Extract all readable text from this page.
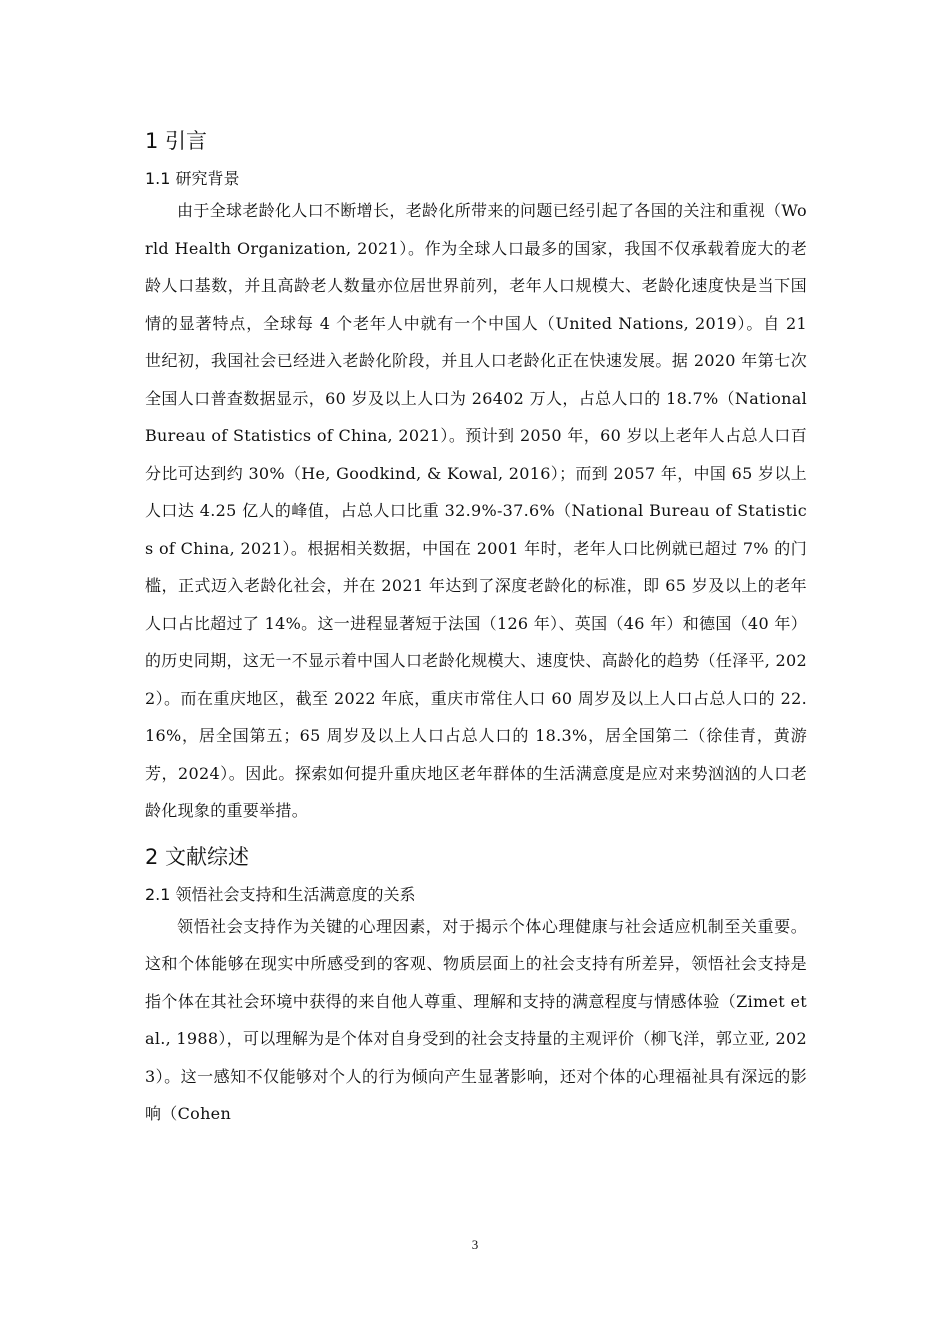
1 引言
1.1 研究背景

由于全球老龄化人口不断增长，老龄化所带来的问题已经引起了各国的关注和重视（World Health Organization, 2021）。作为全球人口最多的国家，我国不仅承载着庞大的老龄人口基数，并且高龄老人数量亦位居世界前列，老年人口规模大、老龄化速度快是当下国情的显著特点，全球每 4 个老年人中就有一个中国人（United Nations, 2019）。自 21 世纪初，我国社会已经进入老龄化阶段，并且人口老龄化正在快速发展。据 2020 年第七次全国人口普查数据显示，60 岁及以上人口为 26402 万人，占总人口的 18.7%（National Bureau of Statistics of China, 2021）。预计到 2050 年，60 岁以上老年人占总人口百分比可达到约 30%（He, Goodkind, & Kowal, 2016）；而到 2057 年，中国 65 岁以上人口达 4.25 亿人的峰值，占总人口比重 32.9%-37.6%（National Bureau of Statistics of China, 2021）。根据相关数据，中国在 2001 年时，老年人口比例就已超过 7% 的门槛，正式迈入老龄化社会，并在 2021 年达到了深度老龄化的标准，即 65 岁及以上的老年人口占比超过了 14%。这一进程显著短于法国（126 年）、英国（46 年）和德国（40 年）的历史同期，这无一不显示着中国人口老龄化规模大、速度快、高龄化的趋势（任泽平, 2022）。而在重庆地区，截至 2022 年底，重庆市常住人口 60 周岁及以上人口占总人口的 22.16%，居全国第五；65 周岁及以上人口占总人口的 18.3%，居全国第二（徐佳青，黄游芳，2024）。因此。探索如何提升重庆地区老年群体的生活满意度是应对来势汹汹的人口老龄化现象的重要举措。

2 文献综述
2.1 领悟社会支持和生活满意度的关系

领悟社会支持作为关键的心理因素，对于揭示个体心理健康与社会适应机制至关重要。这和个体能够在现实中所感受到的客观、物质层面上的社会支持有所差异，领悟社会支持是指个体在其社会环境中获得的来自他人尊重、理解和支持的满意程度与情感体验（Zimet et al., 1988），可以理解为是个体对自身受到的社会支持量的主观评价（柳飞洋，郭立亚, 2023）。这一感知不仅能够对个人的行为倾向产生显著影响，还对个体的心理福祉具有深远的影响（Cohen

3
